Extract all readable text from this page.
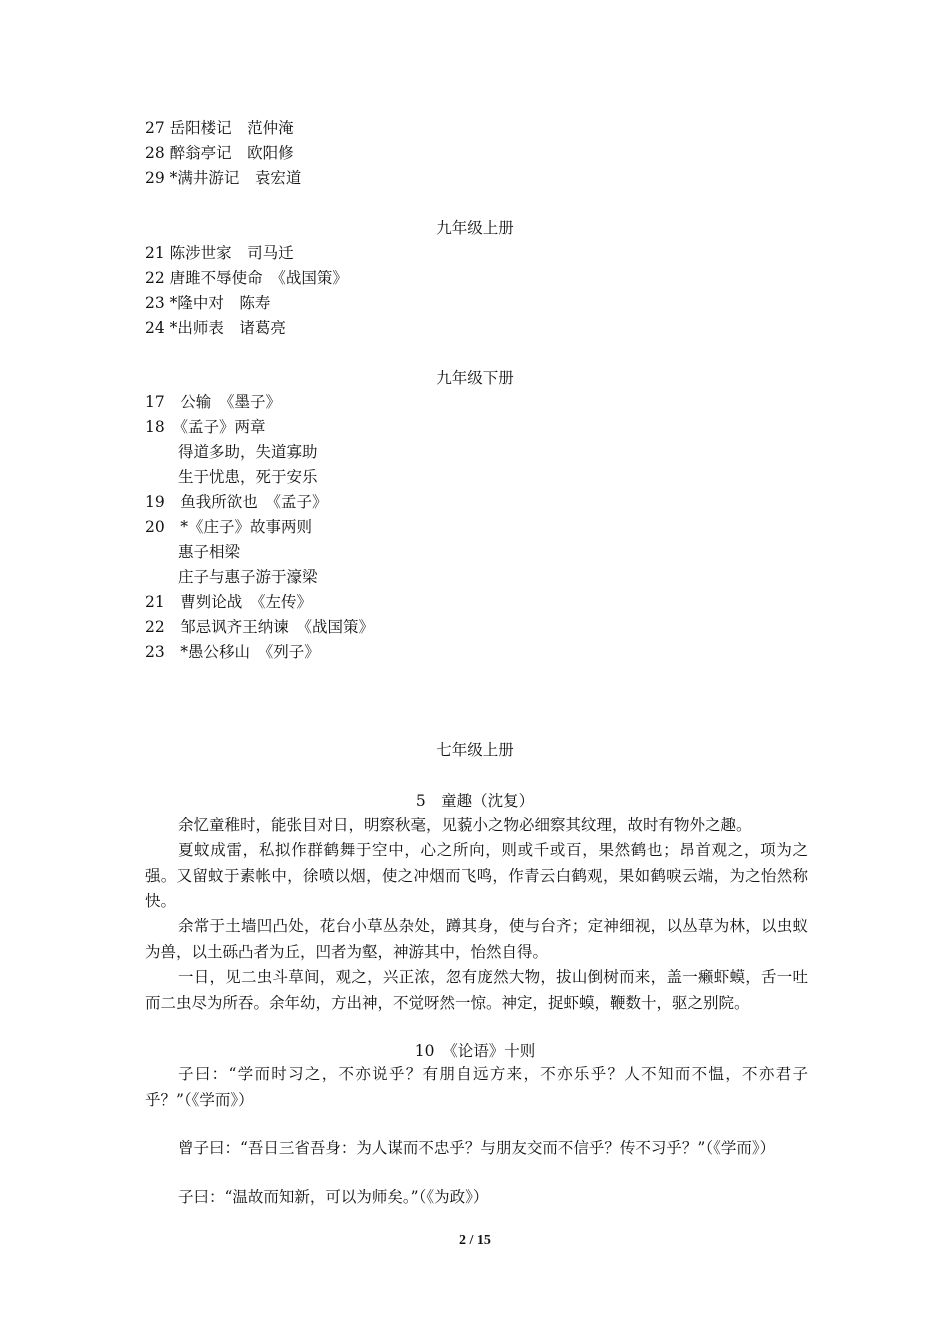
27 岳阳楼记　范仲淹
28 醉翁亭记　欧阳修
29 *满井游记　袁宏道
九年级上册
21 陈涉世家　司马迁
22 唐雎不辱使命　《战国策》
23 *隆中对　陈寿
24 *出师表　诸葛亮
九年级下册
17　公输　《墨子》
18　《孟子》两章
得道多助，失道寡助
生于忧患，死于安乐
19　鱼我所欲也　《孟子》
20　*《庄子》故事两则
惠子相梁
庄子与惠子游于濠梁
21　曹刿论战　《左传》
22　邹忌讽齐王纳谏　《战国策》
23　*愚公移山　《列子》
七年级上册
5　童趣（沈复）
余忆童稚时，能张目对日，明察秋毫，见藐小之物必细察其纹理，故时有物外之趣。
夏蚊成雷，私拟作群鹤舞于空中，心之所向，则或千或百，果然鹤也；昂首观之，项为之强。又留蚊于素帐中，徐喷以烟，使之冲烟而飞鸣，作青云白鹤观，果如鹤唳云端，为之怡然称快。
余常于土墙凹凸处，花台小草丛杂处，蹲其身，使与台齐；定神细视，以丛草为林，以虫蚁为兽，以土砾凸者为丘，凹者为壑，神游其中，怡然自得。
一日，见二虫斗草间，观之，兴正浓，忽有庞然大物，拔山倒树而来，盖一癞虾蟆，舌一吐而二虫尽为所吞。余年幼，方出神，不觉呀然一惊。神定，捉虾蟆，鞭数十，驱之别院。
10　《论语》十则
子曰：“学而时习之，不亦说乎？有朋自远方来，不亦乐乎？人不知而不愠，不亦君子乎？”（《学而》）
曾子曰：“吾日三省吾身：为人谋而不忠乎？与朋友交而不信乎？传不习乎？”（《学而》）
子曰：“温故而知新，可以为师矣。”（《为政》）
2 / 15
